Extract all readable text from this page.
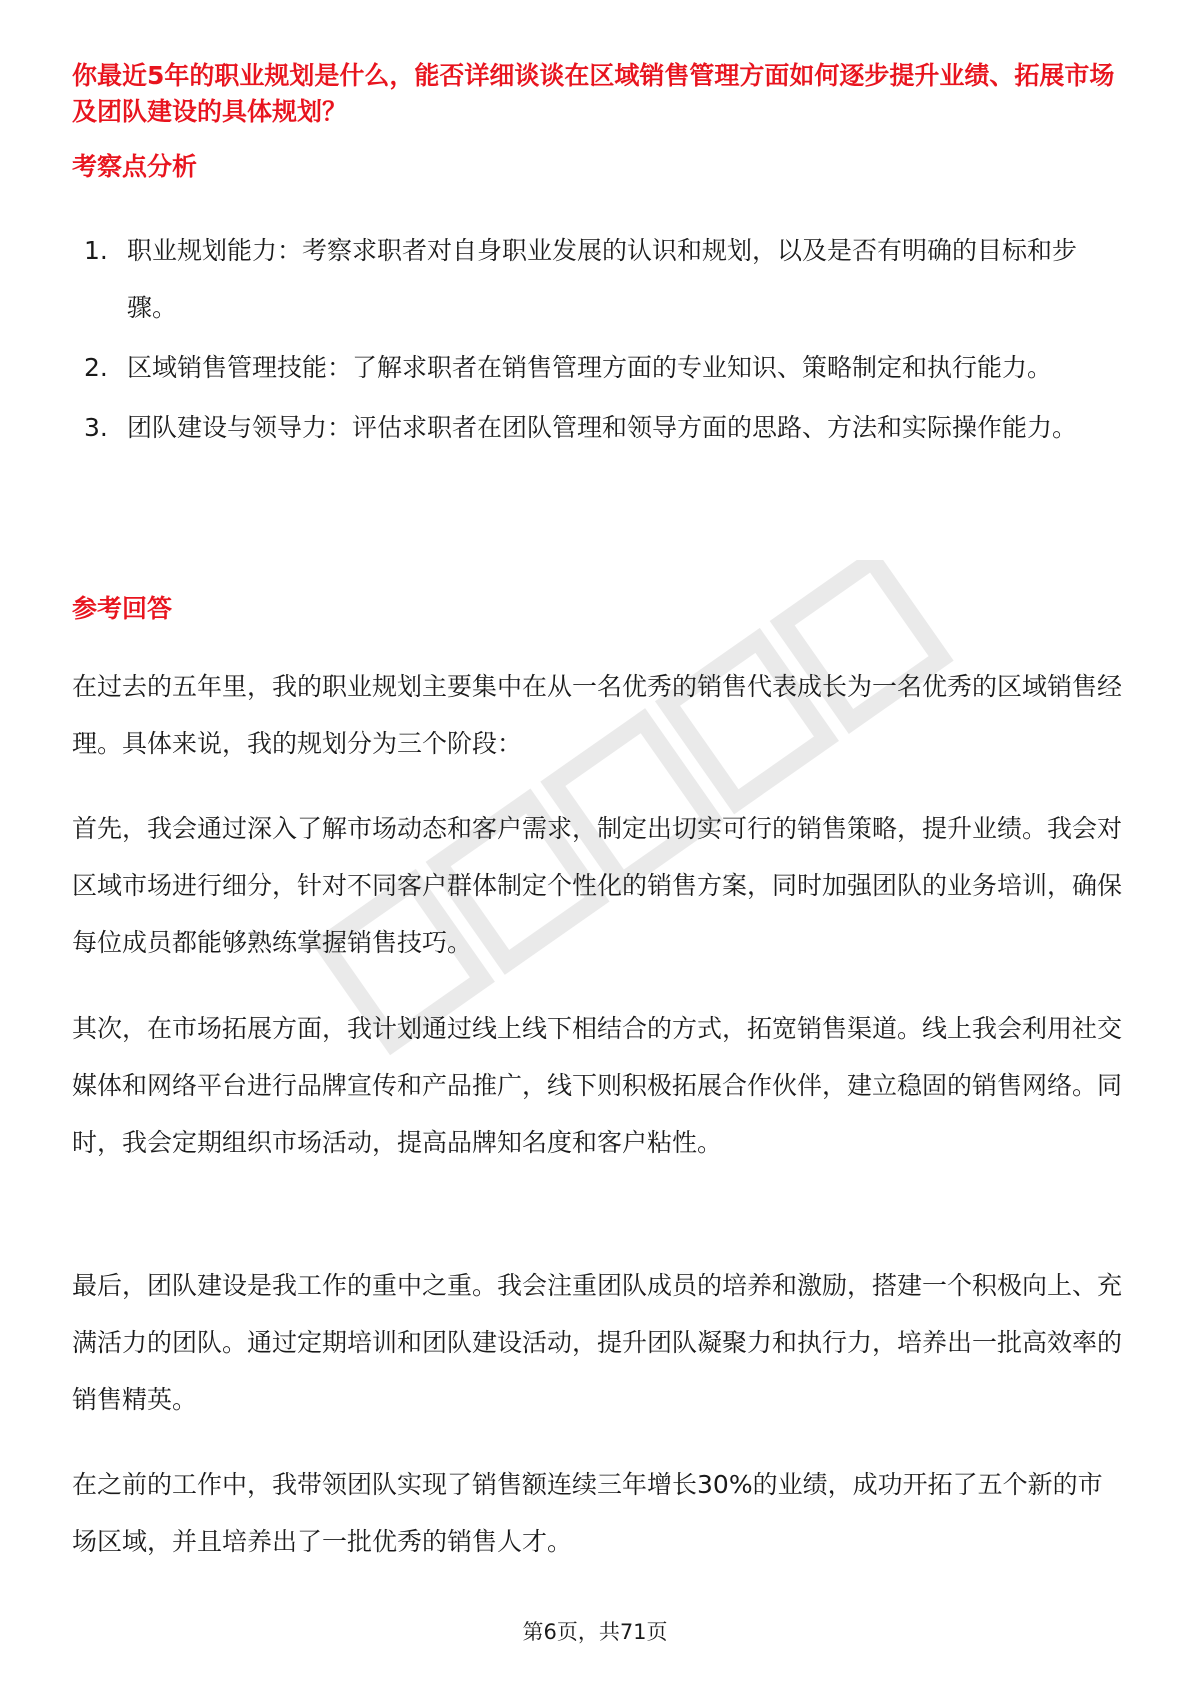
你最近5年的职业规划是什么，能否详细谈谈在区域销售管理方面如何逐步提升业绩、拓展市场及团队建设的具体规划？
考察点分析
1. 职业规划能力：考察求职者对自身职业发展的认识和规划，以及是否有明确的目标和步骤。
2. 区域销售管理技能：了解求职者在销售管理方面的专业知识、策略制定和执行能力。
3. 团队建设与领导力：评估求职者在团队管理和领导方面的思路、方法和实际操作能力。
参考回答

在过去的五年里，我的职业规划主要集中在从一名优秀的销售代表成长为一名优秀的区域销售经理。具体来说，我的规划分为三个阶段：

首先，我会通过深入了解市场动态和客户需求，制定出切实可行的销售策略，提升业绩。我会对区域市场进行细分，针对不同客户群体制定个性化的销售方案，同时加强团队的业务培训，确保每位成员都能够熟练掌握销售技巧。

其次，在市场拓展方面，我计划通过线上线下相结合的方式，拓宽销售渠道。线上我会利用社交媒体和网络平台进行品牌宣传和产品推广，线下则积极拓展合作伙伴，建立稳固的销售网络。同时，我会定期组织市场活动，提高品牌知名度和客户粘性。

最后，团队建设是我工作的重中之重。我会注重团队成员的培养和激励，搭建一个积极向上、充满活力的团队。通过定期培训和团队建设活动，提升团队凝聚力和执行力，培养出一批高效率的销售精英。

在之前的工作中，我带领团队实现了销售额连续三年增长30%的业绩，成功开拓了五个新的市场区域，并且培养出了一批优秀的销售人才。

第6页，共71页
